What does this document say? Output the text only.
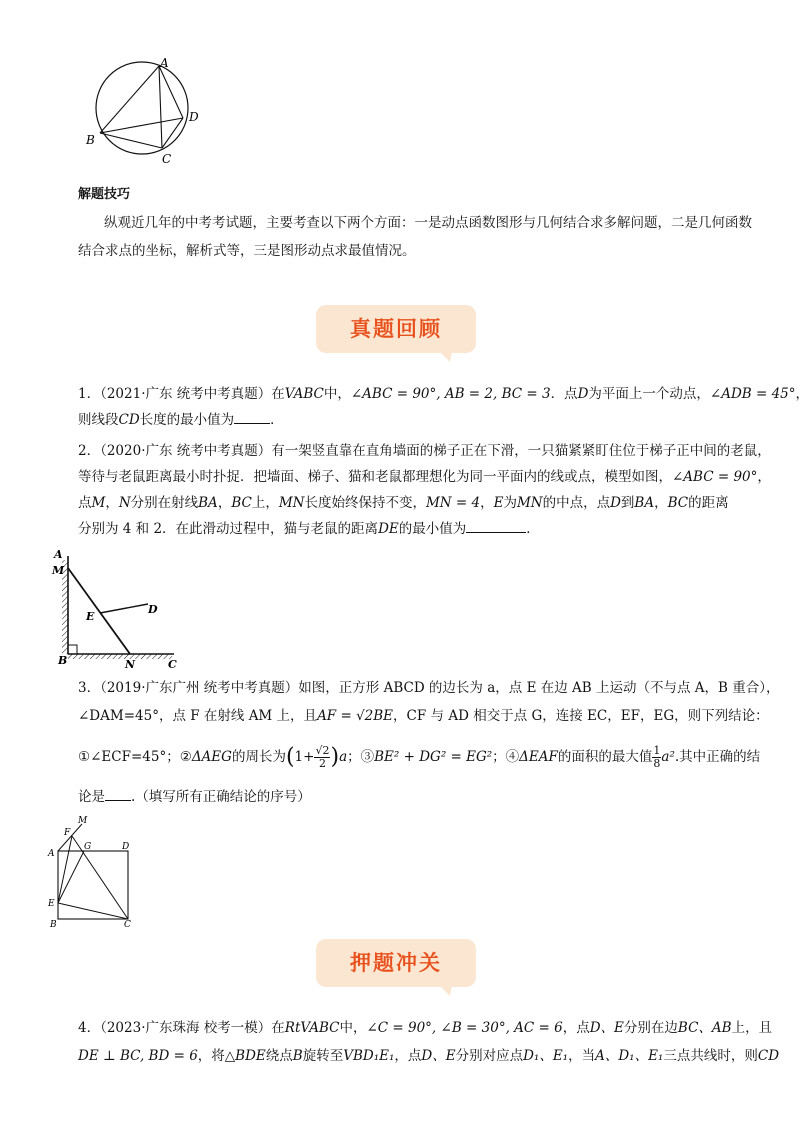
A
B
C
D
解题技巧
纵观近几年的中考考试题，主要考查以下两个方面：一是动点函数图形与几何结合求多解问题，二是几何函数
结合求点的坐标，解析式等，三是图形动点求最值情况。
真题回顾
1．（2021·广东 统考中考真题）在VABC中，∠ABC = 90°, AB = 2, BC = 3．点D为平面上一个动点，∠ADB = 45°，
则线段CD长度的最小值为	．
2．（2020·广东 统考中考真题）有一架竖直靠在直角墙面的梯子正在下滑，一只猫紧紧盯住位于梯子正中间的老鼠，
等待与老鼠距离最小时扑捉．把墙面、梯子、猫和老鼠都理想化为同一平面内的线或点，模型如图，∠ABC = 90°，
点M，N分别在射线BA，BC上，MN长度始终保持不变，MN = 4，E为MN的中点，点D到BA，BC的距离
分别为 4 和 2．在此滑动过程中，猫与老鼠的距离DE的最小值为	．
A
M
E
D
B	N	C
3．（2019·广东广州 统考中考真题）如图，正方形 ABCD 的边长为 a，点 E 在边 AB 上运动（不与点 A，B 重合），
∠DAM=45°，点 F 在射线 AM 上，且AF = √2BE，CF 与 AD 相交于点 G，连接 EC，EF，EG，则下列结论：
①∠ECF=45°；②ΔAEG的周长为$(1+ \frac{√2}{2} )a$；③BE² + DG² = EG²；④ΔEAF的面积的最大值 $\frac{1}{8} a^2$.其中正确的结
论是 .（填写所有正确结论的序号）
M
F
G	D
A
E
B	C
押题冲关
4．（2023·广东珠海 校考一模）在RtVABC中，∠C = 90°, ∠B = 30°, AC = 6，点D、E分别在边BC、AB上，且
DE ⊥ BC, BD = 6，将△BDE绕点B旋转至VBD₁E₁，点D、E分别对应点D₁、E₁，当A、D₁、E₁三点共线时，则CD
